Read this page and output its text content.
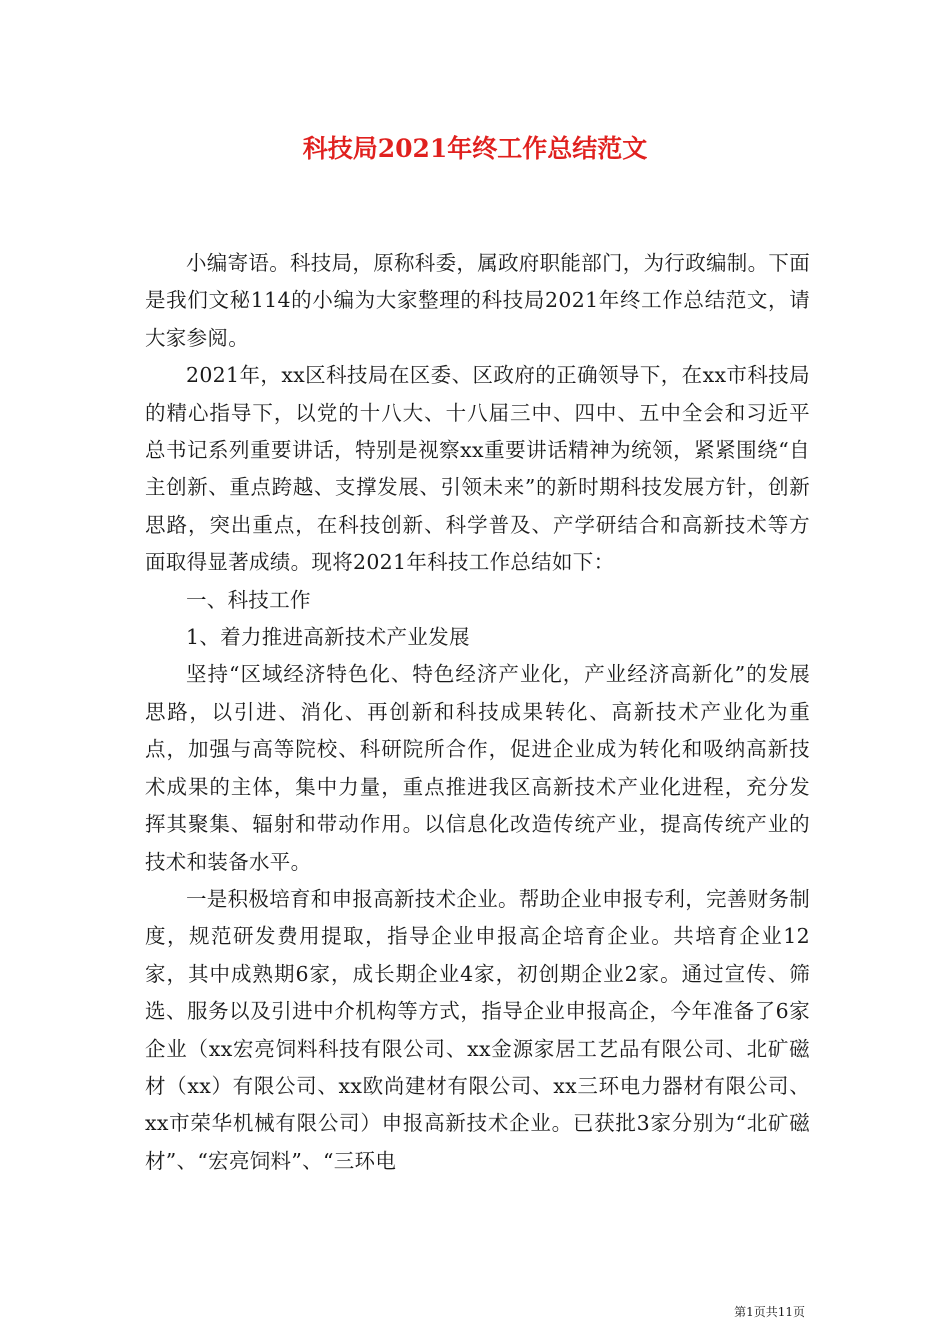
科技局2021年终工作总结范文

小编寄语。科技局，原称科委，属政府职能部门，为行政编制。下面是我们文秘114的小编为大家整理的科技局2021年终工作总结范文，请大家参阅。

2021年，xx区科技局在区委、区政府的正确领导下，在xx市科技局的精心指导下，以党的十八大、十八届三中、四中、五中全会和习近平总书记系列重要讲话，特别是视察xx重要讲话精神为统领，紧紧围绕“自主创新、重点跨越、支撑发展、引领未来”的新时期科技发展方针，创新思路，突出重点，在科技创新、科学普及、产学研结合和高新技术等方面取得显著成绩。现将2021年科技工作总结如下：

一、科技工作

1、着力推进高新技术产业发展

坚持“区域经济特色化、特色经济产业化，产业经济高新化”的发展思路，以引进、消化、再创新和科技成果转化、高新技术产业化为重点，加强与高等院校、科研院所合作，促进企业成为转化和吸纳高新技术成果的主体，集中力量，重点推进我区高新技术产业化进程，充分发挥其聚集、辐射和带动作用。以信息化改造传统产业，提高传统产业的技术和装备水平。

一是积极培育和申报高新技术企业。帮助企业申报专利，完善财务制度，规范研发费用提取，指导企业申报高企培育企业。共培育企业12家，其中成熟期6家，成长期企业4家，初创期企业2家。通过宣传、筛选、服务以及引进中介机构等方式，指导企业申报高企，今年准备了6家企业（xx宏亮饲料科技有限公司、xx金源家居工艺品有限公司、北矿磁材（xx）有限公司、xx欧尚建材有限公司、xx三环电力器材有限公司、xx市荣华机械有限公司）申报高新技术企业。已获批3家分别为“北矿磁材”、“宏亮饲料”、“三环电

第1页共11页
